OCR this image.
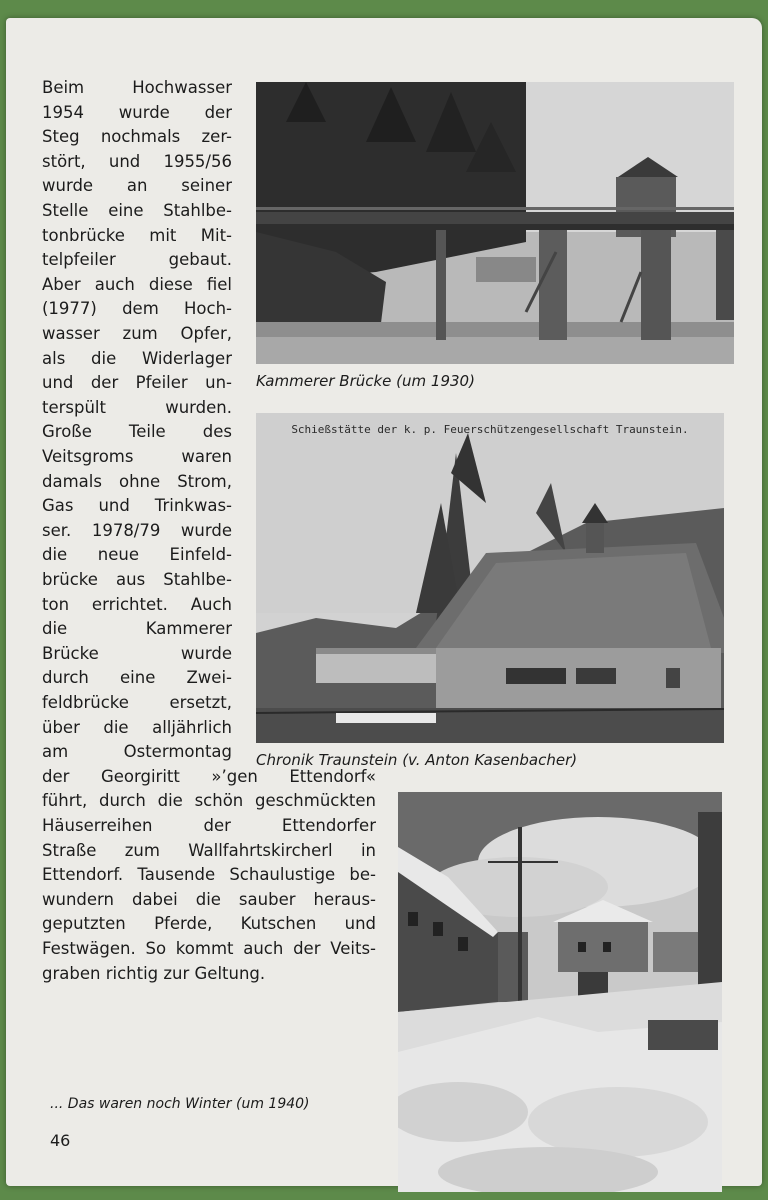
Beim Hochwasser
1954 wurde der
Steg nochmals zer-
stört, und 1955/56
wurde an seiner
Stelle eine Stahlbe-
tonbrücke mit Mit-
telpfeiler gebaut.
Aber auch diese fiel
(1977) dem Hoch-
wasser zum Opfer,
als die Widerlager
und der Pfeiler un-
terspült wurden.
Große Teile des
Veitsgroms waren
damals ohne Strom,
Gas und Trinkwas-
ser. 1978/79 wurde
die neue Einfeld-
brücke aus Stahlbe-
ton errichtet. Auch
die Kammerer
Brücke wurde
durch eine Zwei-
feldbrücke ersetzt,
über die alljährlich
am Ostermontag
der Georgiritt »’gen Ettendorf«
führt, durch die schön geschmückten
Häuserreihen der Ettendorfer
Straße zum Wallfahrtskircherl in
Ettendorf. Tausende Schaulustige be-
wundern dabei die sauber heraus-
geputzten Pferde, Kutschen und
Festwägen. So kommt auch der Veits-
graben richtig zur Geltung.
Kammerer Brücke (um 1930)
Schießstätte der k. p. Feuerschützengesellschaft Traunstein.
Chronik Traunstein (v. Anton Kasenbacher)
... Das waren noch Winter (um 1940)
46
